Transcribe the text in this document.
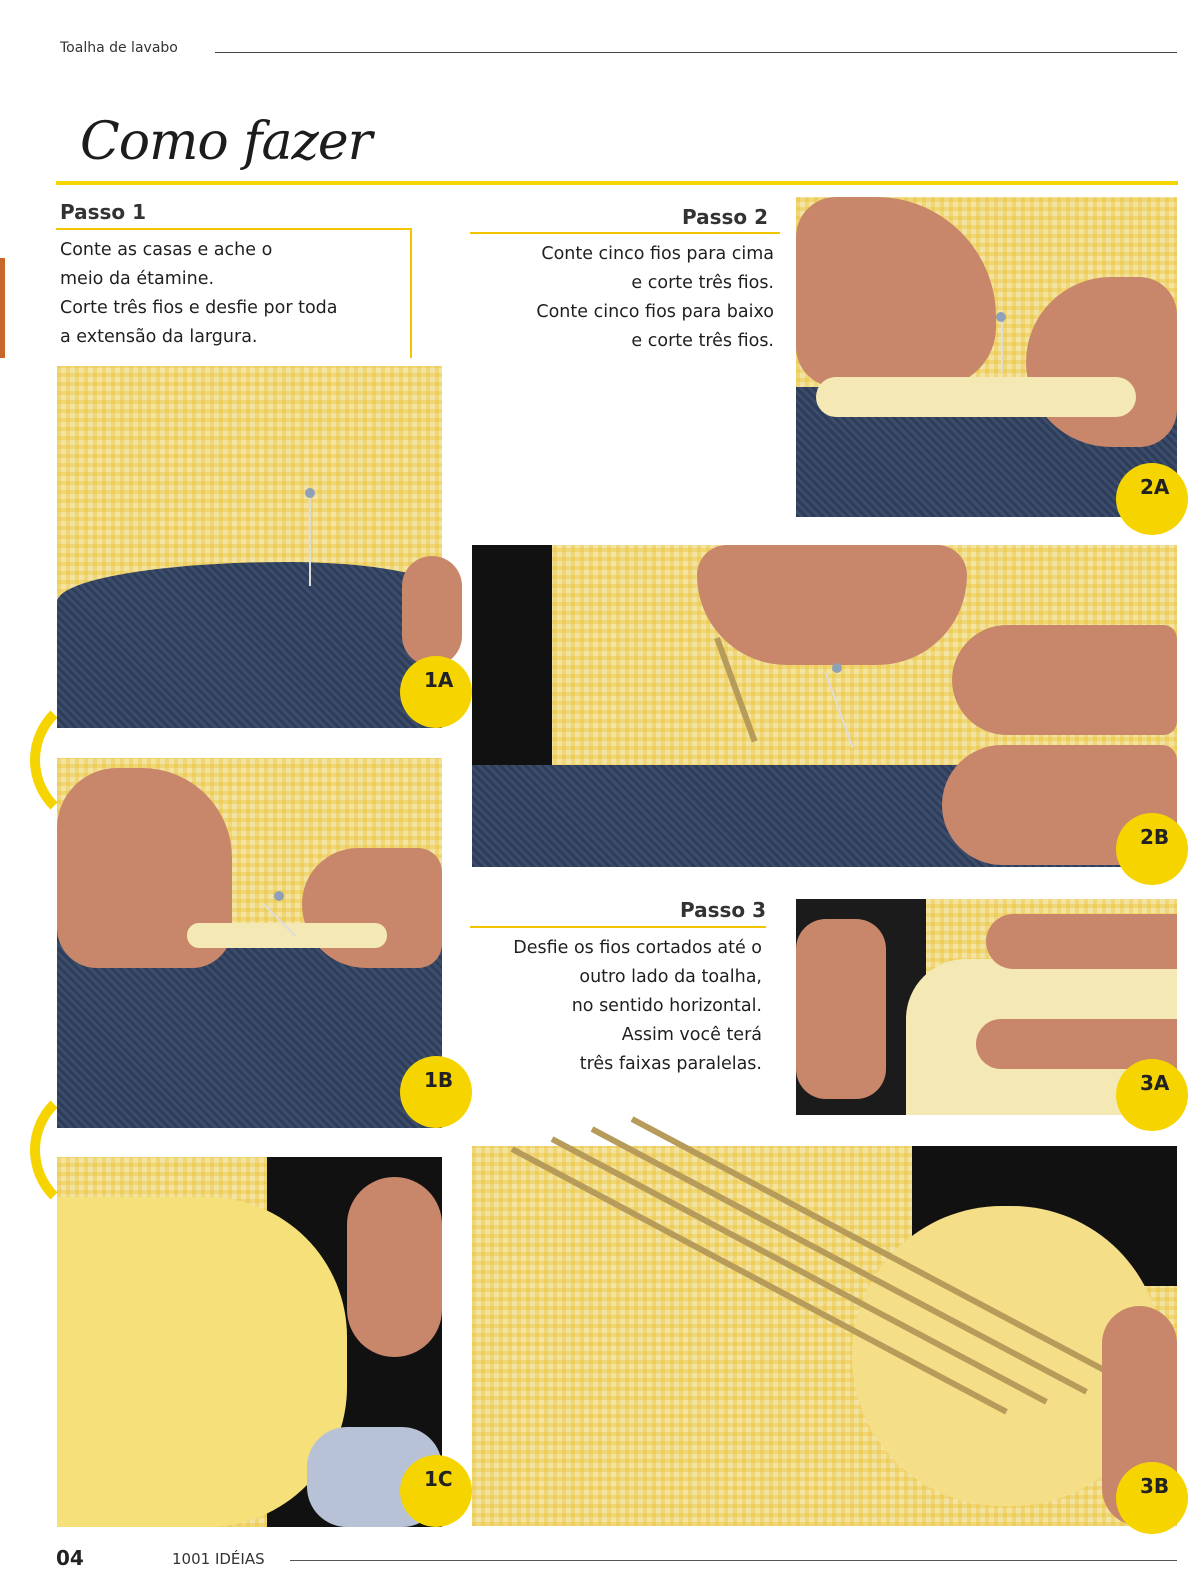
Toalha de lavabo
Como fazer
Passo 1
Conte as casas e ache o
meio da étamine.
Corte três fios e desfie por toda
a extensão da largura.
Passo 2
Conte cinco fios para cima
e corte três fios.
Conte cinco fios para baixo
e corte três fios.
Passo 3
Desfie os fios cortados até o
outro lado da toalha,
no sentido horizontal.
Assim você terá
três faixas paralelas.
1A
1B
1C
2A
2B
3A
3B
04	1001 IDÉIAS
